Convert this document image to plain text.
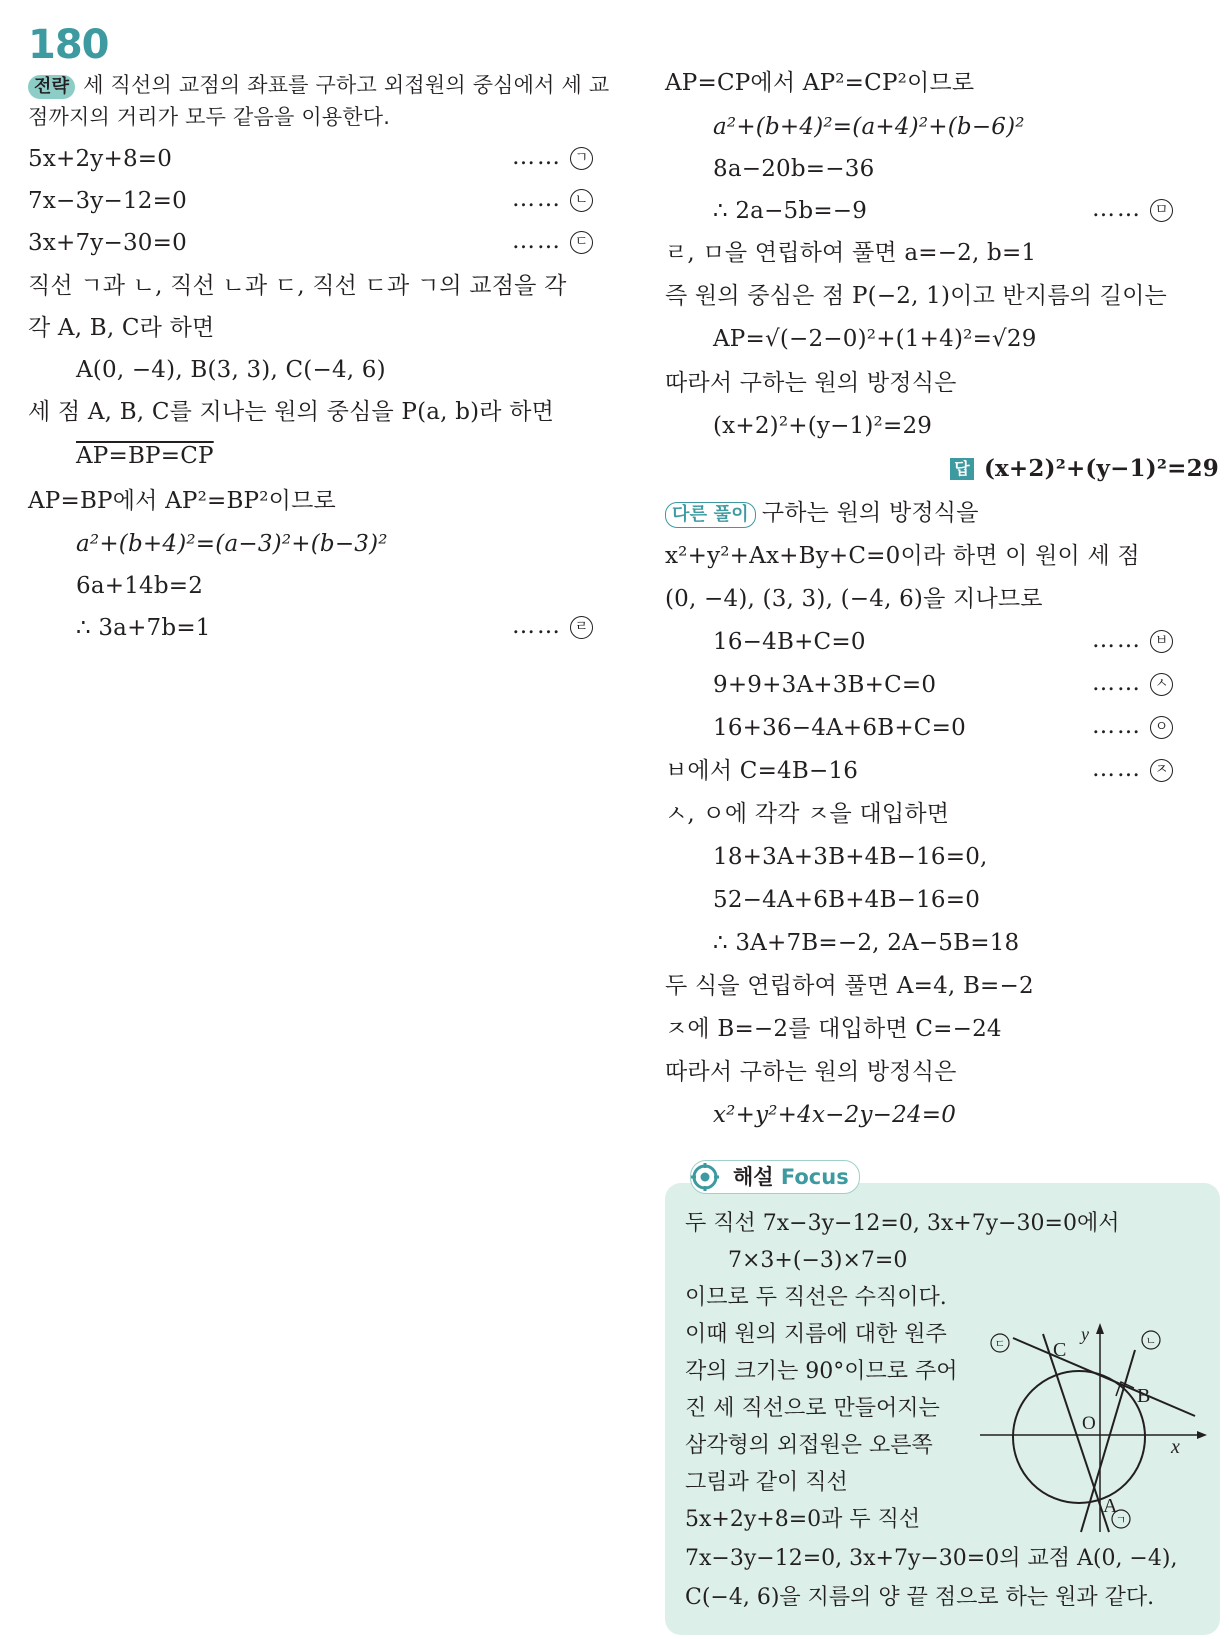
180
전략 세 직선의 교점의 좌표를 구하고 외접원의 중심에서 세 교
점까지의 거리가 모두 같음을 이용한다.
5x+2y+8=0	…… ㄱ
7x−3y−12=0	…… ㄴ
3x+7y−30=0	…… ㄷ
직선 ㄱ과 ㄴ, 직선 ㄴ과 ㄷ, 직선 ㄷ과 ㄱ의 교점을 각
각 A, B, C라 하면
A(0, −4), B(3, 3), C(−4, 6)
세 점 A, B, C를 지나는 원의 중심을 P(a, b)라 하면
AP=BP=CP
AP=BP에서 AP²=BP²이므로
a²+(b+4)²=(a−3)²+(b−3)²
6a+14b=2
∴ 3a+7b=1	…… ㄹ
AP=CP에서 AP²=CP²이므로
a²+(b+4)²=(a+4)²+(b−6)²
8a−20b=−36
∴ 2a−5b=−9	…… ㅁ
ㄹ, ㅁ을 연립하여 풀면 a=−2, b=1
즉 원의 중심은 점 P(−2, 1)이고 반지름의 길이는
AP=√(−2−0)²+(1+4)²=√29
따라서 구하는 원의 방정식은
(x+2)²+(y−1)²=29
답 (x+2)²+(y−1)²=29
다른 풀이 구하는 원의 방정식을
x²+y²+Ax+By+C=0이라 하면 이 원이 세 점
(0, −4), (3, 3), (−4, 6)을 지나므로
16−4B+C=0	…… ㅂ
9+9+3A+3B+C=0	…… ㅅ
16+36−4A+6B+C=0	…… ㅇ
ㅂ에서 C=4B−16	…… ㅈ
ㅅ, ㅇ에 각각 ㅈ을 대입하면
18+3A+3B+4B−16=0,
52−4A+6B+4B−16=0
∴ 3A+7B=−2, 2A−5B=18
두 식을 연립하여 풀면 A=4, B=−2
ㅈ에 B=−2를 대입하면 C=−24
따라서 구하는 원의 방정식은
x²+y²+4x−2y−24=0
해설 Focus
두 직선 7x−3y−12=0, 3x+7y−30=0에서
7×3+(−3)×7=0
이므로 두 직선은 수직이다.
이때 원의 지름에 대한 원주
각의 크기는 90°이므로 주어
진 세 직선으로 만들어지는
삼각형의 외접원은 오른쪽
그림과 같이 직선
5x+2y+8=0과 두 직선
7x−3y−12=0, 3x+7y−30=0의 교점 A(0, −4),
C(−4, 6)을 지름의 양 끝 점으로 하는 원과 같다.
C
B
A
O
x
y
ㄷ	ㄴ
ㄱ
